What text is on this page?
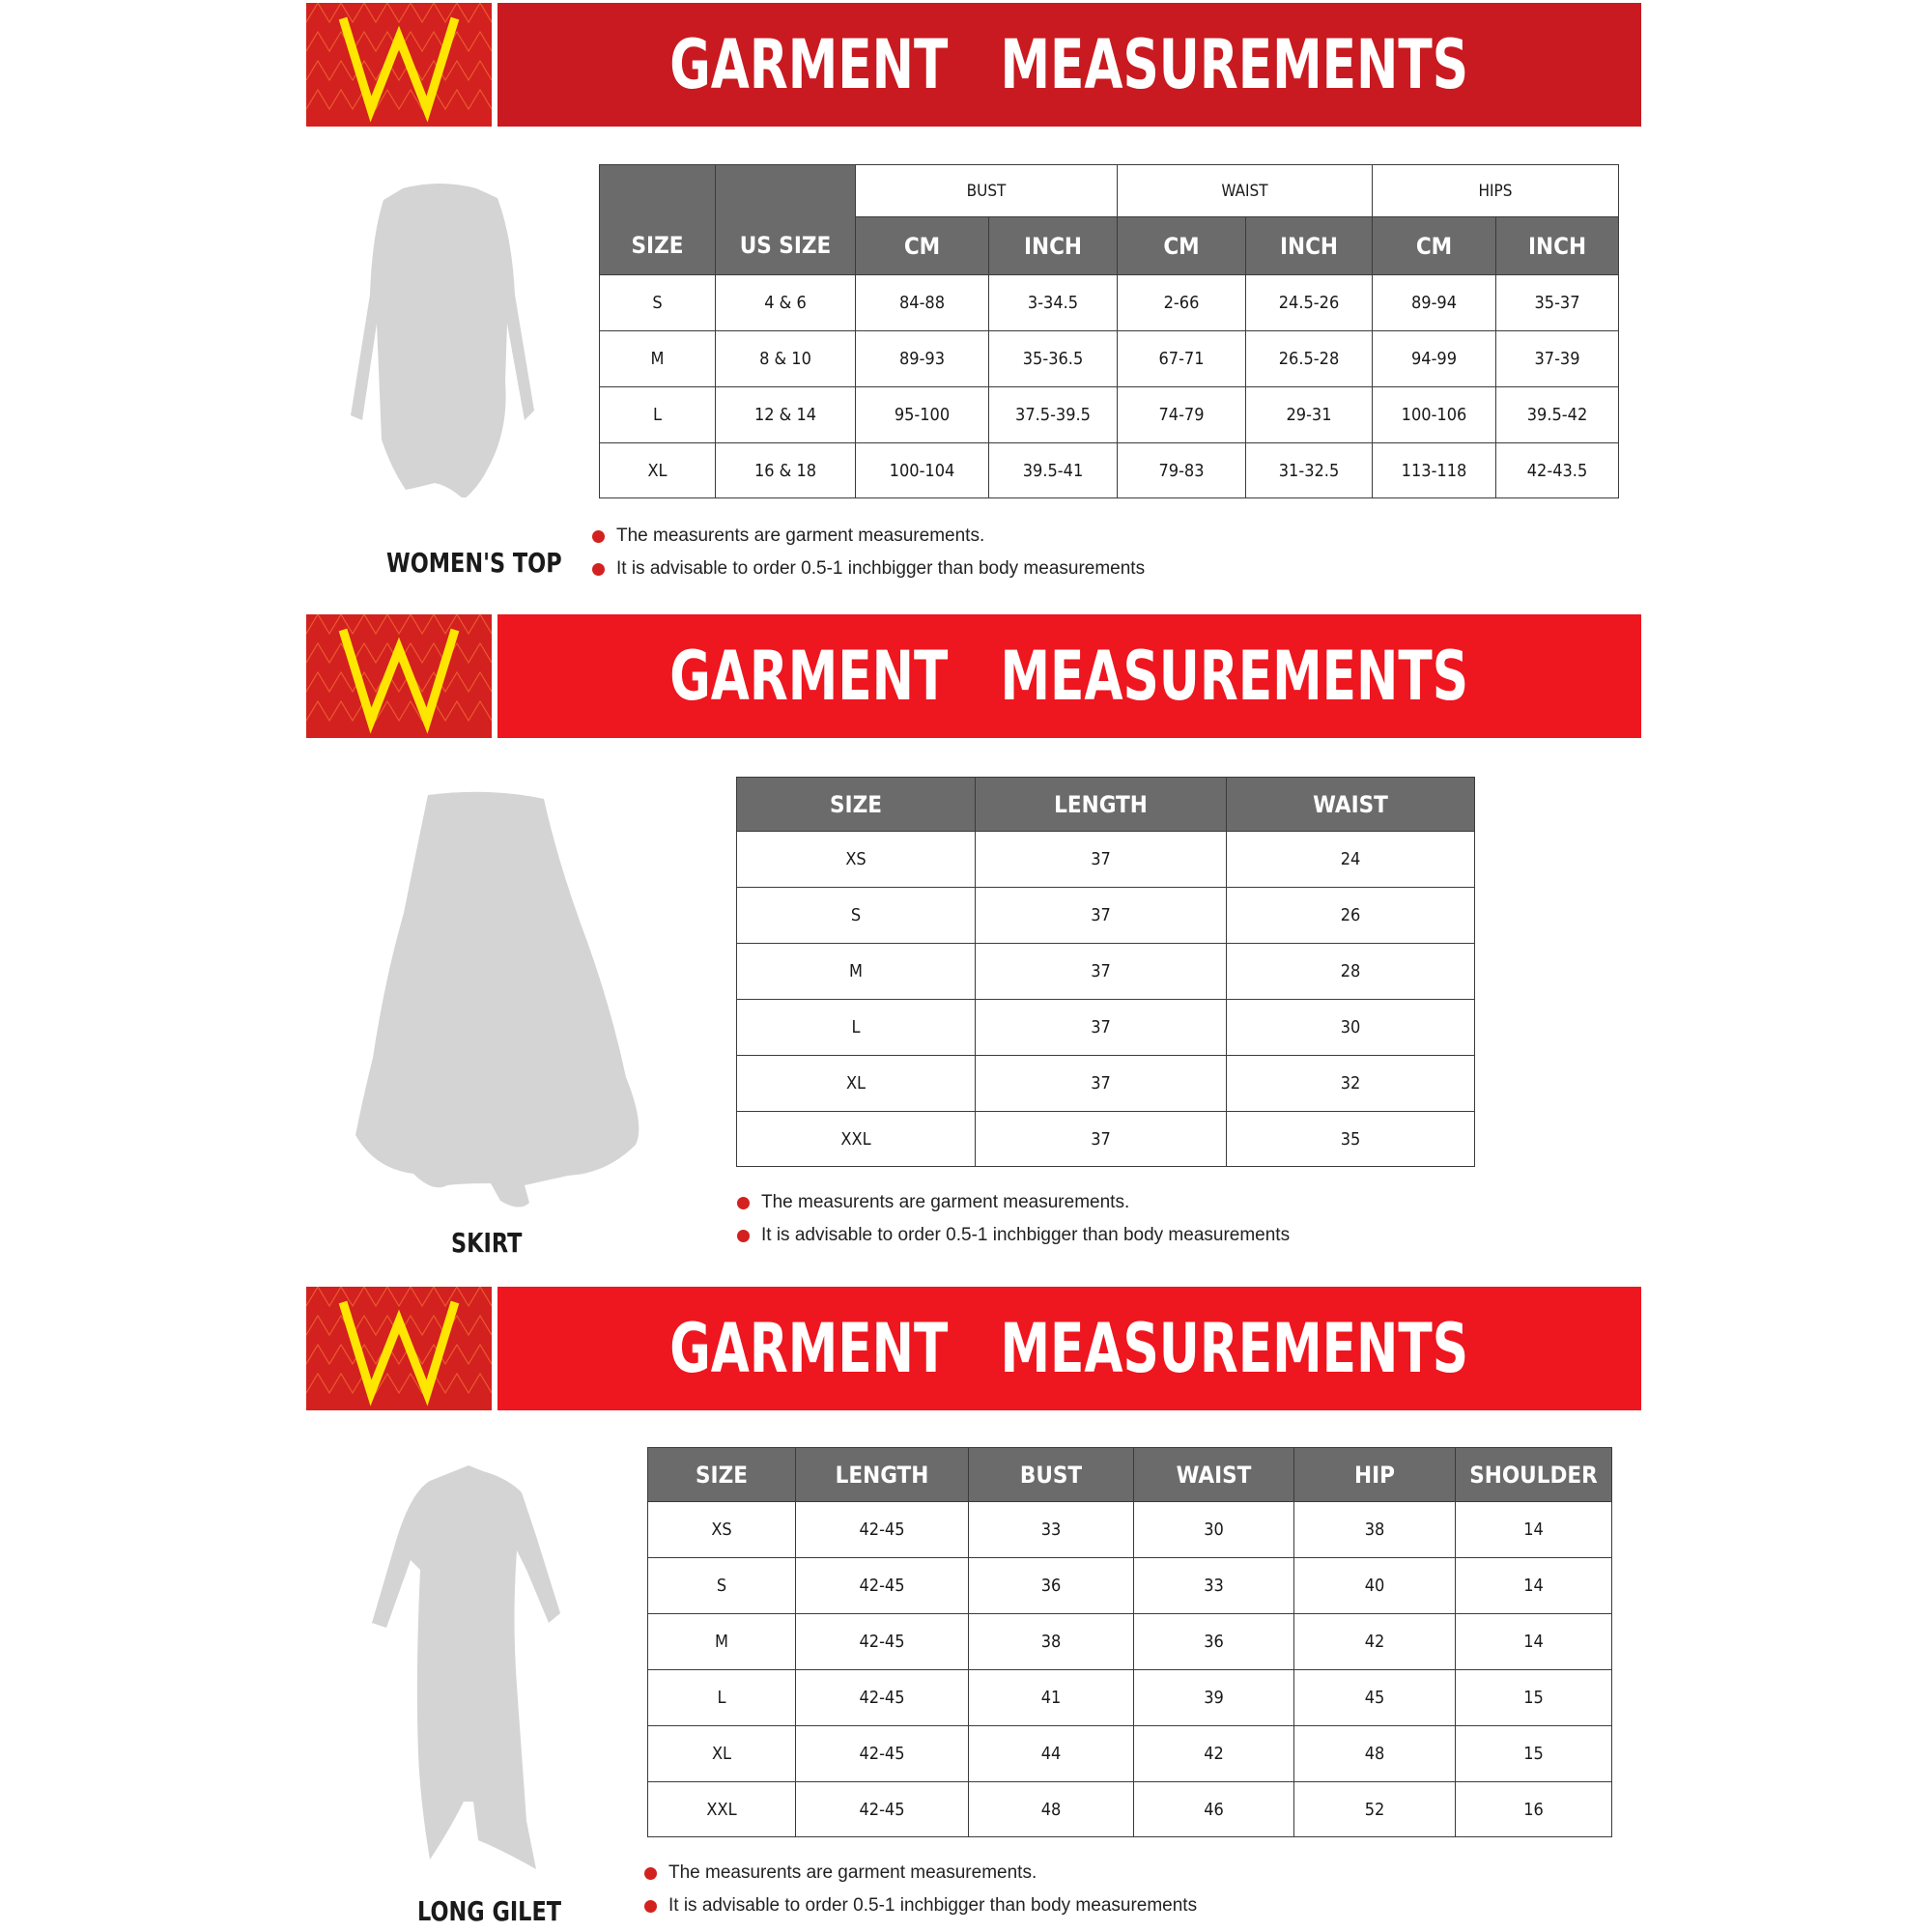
GARMENT   MEASUREMENTS
WOMEN'S TOP
		BUST		WAIST		HIPS	
SIZE	US SIZE	CM	INCH	CM	INCH	CM	INCH
S	4 & 6	84-88	3-34.5	2-66	24.5-26	89-94	35-37
M	8 & 10	89-93	35-36.5	67-71	26.5-28	94-99	37-39
L	12 & 14	95-100	37.5-39.5	74-79	29-31	100-106	39.5-42
XL	16 & 18	100-104	39.5-41	79-83	31-32.5	113-118	42-43.5
The measurents are garment measurements.
It is advisable to order 0.5-1 inchbigger than body measurements
GARMENT   MEASUREMENTS
SKIRT
SIZE	LENGTH	WAIST
XS	37	24
S	37	26
M	37	28
L	37	30
XL	37	32
XXL	37	35
The measurents are garment measurements.
It is advisable to order 0.5-1 inchbigger than body measurements
GARMENT   MEASUREMENTS
LONG GILET
SIZE	LENGTH	BUST	WAIST	HIP	SHOULDER
XS	42-45	33	30	38	14
S	42-45	36	33	40	14
M	42-45	38	36	42	14
L	42-45	41	39	45	15
XL	42-45	44	42	48	15
XXL	42-45	48	46	52	16
The measurents are garment measurements.
It is advisable to order 0.5-1 inchbigger than body measurements
